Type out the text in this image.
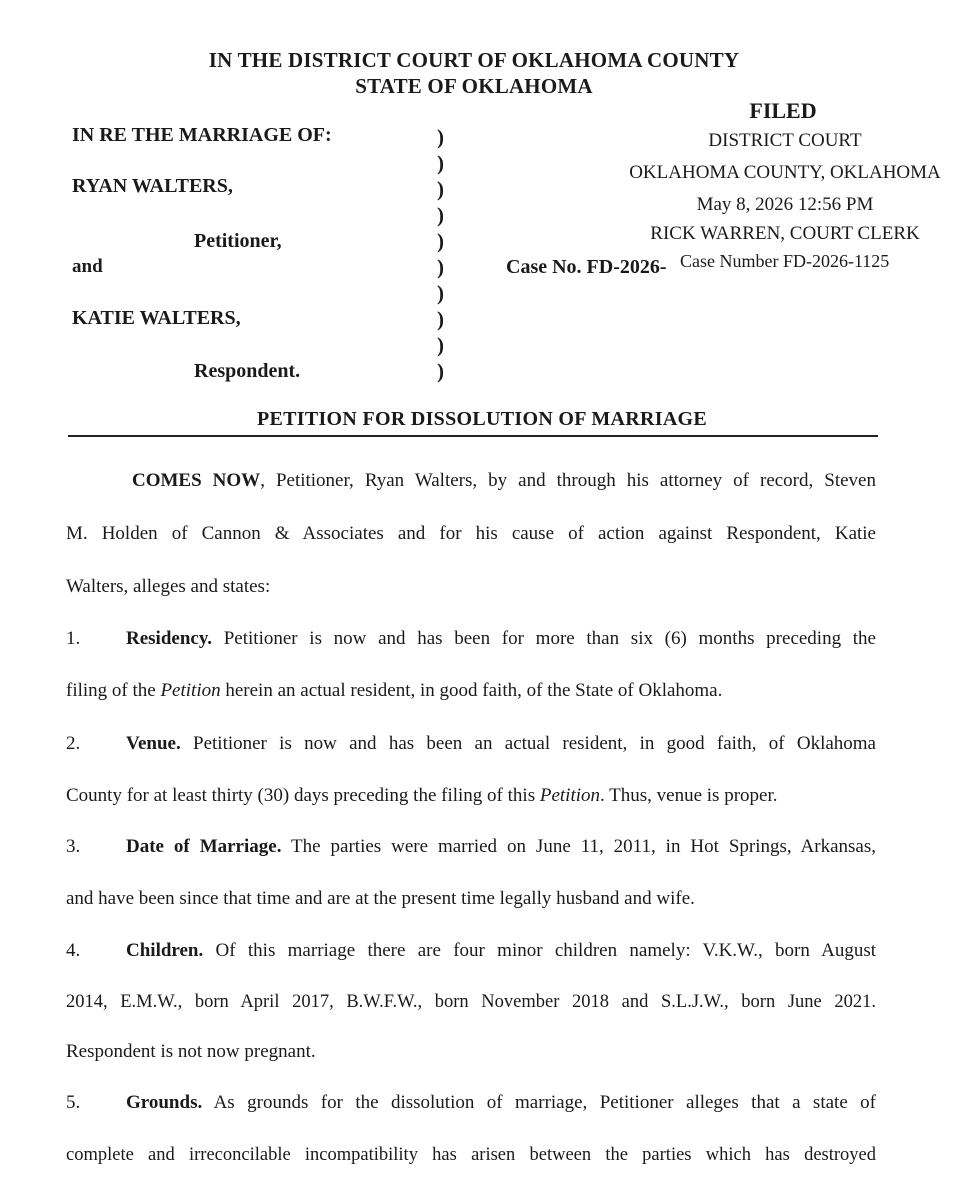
IN THE DISTRICT COURT OF OKLAHOMA COUNTY
STATE OF OKLAHOMA
IN RE THE MARRIAGE OF:
RYAN WALTERS,
Petitioner,
and
KATIE WALTERS,
Respondent.
)
)
)
)
)
)
)
)
)
)
FILED
DISTRICT COURT
OKLAHOMA COUNTY, OKLAHOMA
May 8, 2026 12:56 PM
RICK WARREN, COURT CLERK
Case No. FD-2026- Case Number FD-2026-1125
PETITION FOR DISSOLUTION OF MARRIAGE
COMES NOW, Petitioner, Ryan Walters, by and through his attorney of record, Steven
M. Holden of Cannon & Associates and for his cause of action against Respondent, Katie
Walters, alleges and states:
1. Residency. Petitioner is now and has been for more than six (6) months preceding the
filing of the Petition herein an actual resident, in good faith, of the State of Oklahoma.
2. Venue. Petitioner is now and has been an actual resident, in good faith, of Oklahoma
County for at least thirty (30) days preceding the filing of this Petition. Thus, venue is proper.
3. Date of Marriage. The parties were married on June 11, 2011, in Hot Springs, Arkansas,
and have been since that time and are at the present time legally husband and wife.
4. Children. Of this marriage there are four minor children namely: V.K.W., born August
2014, E.M.W., born April 2017, B.W.F.W., born November 2018 and S.L.J.W., born June 2021.
Respondent is not now pregnant.
5. Grounds. As grounds for the dissolution of marriage, Petitioner alleges that a state of
complete and irreconcilable incompatibility has arisen between the parties which has destroyed
